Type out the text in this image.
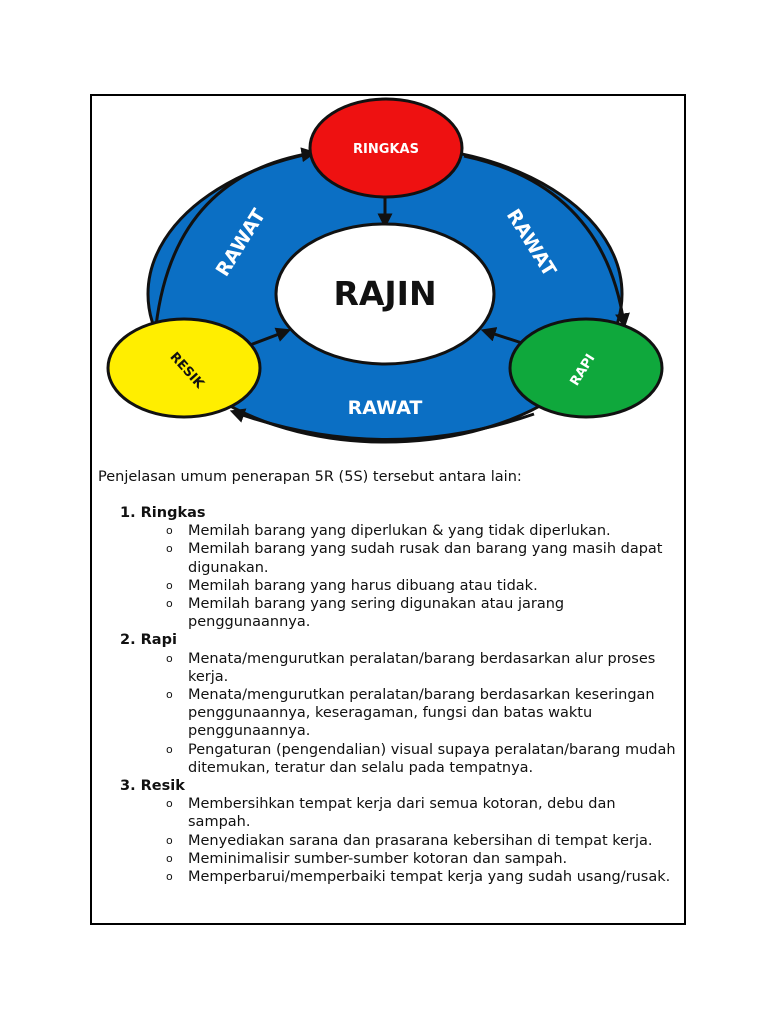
RAJIN
RAWAT	RAWAT
RAWAT
RINGKAS
RESIK	RAPI
Penjelasan umum penerapan 5R (5S) tersebut antara lain:

1. Ringkas

o Memilah barang yang diperlukan & yang tidak diperlukan.
o Memilah barang yang sudah rusak dan barang yang masih dapat digunakan.
o Memilah barang yang harus dibuang atau tidak.
o Memilah barang yang sering digunakan atau jarang penggunaannya.

2. Rapi

o Menata/mengurutkan peralatan/barang berdasarkan alur proses kerja.
o Menata/mengurutkan peralatan/barang berdasarkan keseringan penggunaannya, keseragaman, fungsi dan batas waktu penggunaannya.
o Pengaturan (pengendalian) visual supaya peralatan/barang mudah ditemukan, teratur dan selalu pada tempatnya.

3. Resik

o Membersihkan tempat kerja dari semua kotoran, debu dan sampah.
o Menyediakan sarana dan prasarana kebersihan di tempat kerja.
o Meminimalisir sumber-sumber kotoran dan sampah.
o Memperbarui/memperbaiki tempat kerja yang sudah usang/rusak.
